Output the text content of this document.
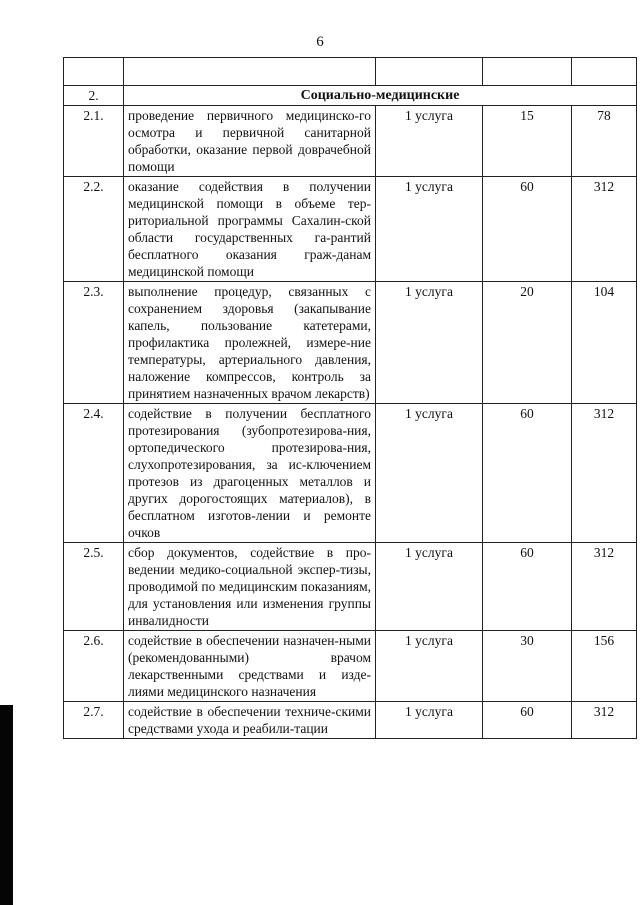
6

2.	Социально-медицинские			
2.1.	проведение первичного медицинско-го осмотра и первичной санитарной обработки, оказание первой доврачебной помощи	1 услуга	15	78
2.2.	оказание содействия в получении медицинской помощи в объеме тер-риториальной программы Сахалин-ской области государственных га-рантий бесплатного оказания граж-данам медицинской помощи	1 услуга	60	312
2.3.	выполнение процедур, связанных с сохранением здоровья (закапывание капель, пользование катетерами, профилактика пролежней, измере-ние температуры, артериального давления, наложение компрессов, контроль за принятием назначенных врачом лекарств)	1 услуга	20	104
2.4.	содействие в получении бесплатного протезирования (зубопротезирова-ния, ортопедического протезирова-ния, слухопротезирования, за ис-ключением протезов из драгоценных металлов и других дорогостоящих материалов), в бесплатном изготов-лении и ремонте очков	1 услуга	60	312
2.5.	сбор документов, содействие в про-ведении медико-социальной экспер-тизы, проводимой по медицинским показаниям, для установления или изменения группы инвалидности	1 услуга	60	312
2.6.	содействие в обеспечении назначен-ными (рекомендованными) врачом лекарственными средствами и изде-лиями медицинского назначения	1 услуга	30	156
2.7.	содействие в обеспечении техниче-скими средствами ухода и реабили-тации	1 услуга	60	312
